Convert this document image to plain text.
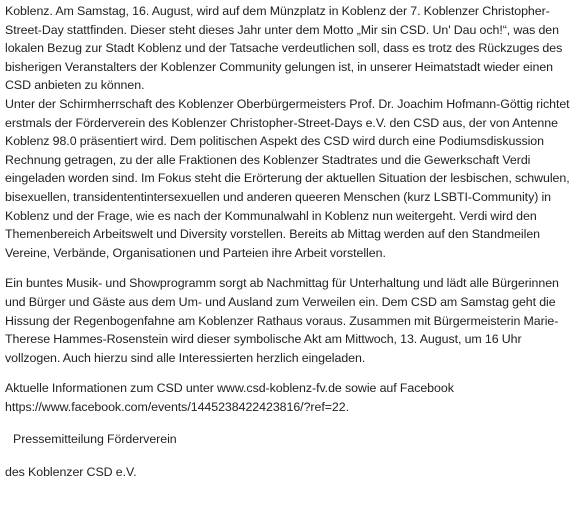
Koblenz. Am Samstag, 16. August, wird auf dem Münzplatz in Koblenz der 7. Koblenzer Christopher-Street-Day stattfinden. Dieser steht dieses Jahr unter dem Motto „Mir sin CSD. Un' Dau och!“, was den lokalen Bezug zur Stadt Koblenz und der Tatsache verdeutlichen soll, dass es trotz des Rückzuges des bisherigen Veranstalters der Koblenzer Community gelungen ist, in unserer Heimatstadt wieder einen CSD anbieten zu können.

Unter der Schirmherrschaft des Koblenzer Oberbürgermeisters Prof. Dr. Joachim Hofmann-Göttig richtet erstmals der Förderverein des Koblenzer Christopher-Street-Days e.V. den CSD aus, der von Antenne Koblenz 98.0 präsentiert wird. Dem politischen Aspekt des CSD wird durch eine Podiumsdiskussion Rechnung getragen, zu der alle Fraktionen des Koblenzer Stadtrates und die Gewerkschaft Verdi eingeladen worden sind. Im Fokus steht die Erörterung der aktuellen Situation der lesbischen, schwulen, bisexuellen, transidententintersexuellen und anderen queeren Menschen (kurz LSBTI-Community) in Koblenz und der Frage, wie es nach der Kommunalwahl in Koblenz nun weitergeht. Verdi wird den Themenbereich Arbeitswelt und Diversity vorstellen. Bereits ab Mittag werden auf den Standmeilen Vereine, Verbände, Organisationen und Parteien ihre Arbeit vorstellen.

Ein buntes Musik- und Showprogramm sorgt ab Nachmittag für Unterhaltung und lädt alle Bürgerinnen und Bürger und Gäste aus dem Um- und Ausland zum Verweilen ein. Dem CSD am Samstag geht die Hissung der Regenbogenfahne am Koblenzer Rathaus voraus. Zusammen mit Bürgermeisterin Marie-Therese Hammes-Rosenstein wird dieser symbolische Akt am Mittwoch, 13. August, um 16 Uhr vollzogen. Auch hierzu sind alle Interessierten herzlich eingeladen.

Aktuelle Informationen zum CSD unter www.csd-koblenz-fv.de sowie auf Facebook https://www.facebook.com/events/1445238422423816/?ref=22.

Pressemitteilung Förderverein

des Koblenzer CSD e.V.
